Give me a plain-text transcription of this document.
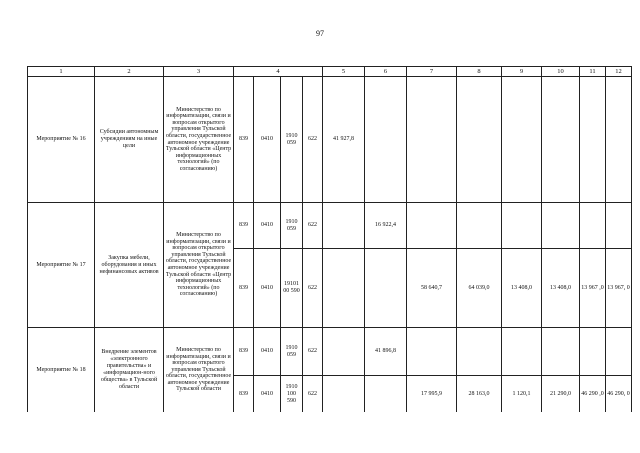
97
1	2	3	4				5	6	7	8	9	10	11	12
Мероприятие № 16	Субсидии автономным учреждениям на иные цели	Министерство по информатизации, связи и вопросам открытого управления Тульской области, государственное автономное учреждение Тульской области «Центр информационных технологий» (по согласованию)	839	0410	1910 059	622	41 927,8							
Мероприятие № 17	Закупка мебели, оборудования и иных нефинансовых активов	Министерство по информатизации, связи и вопросам открытого управления Тульской области, государственное автономное учреждение Тульской области «Центр информационных технологий» (по согласованию)	839	0410	1910 059	622		16 922,4						
			839	0410	19101 00 590	622			58 640,7	64 039,0	13 408,0	13 408,0	13 967 ,0	13 967, 0
Мероприятие № 18	Внедрение элементов «электронного правительства» и «информацион-ного общества» в Тульской области	Министерство по информатизации, связи и вопросам открытого управления Тульской области, государственное автономное учреждение Тульской области	839	0410	1910 059	622		41 896,8						
			839	0410	1910 100 590	622			17 995,9	28 163,0	1 120,1	21 290,0	46 290 ,0	46 290, 0
